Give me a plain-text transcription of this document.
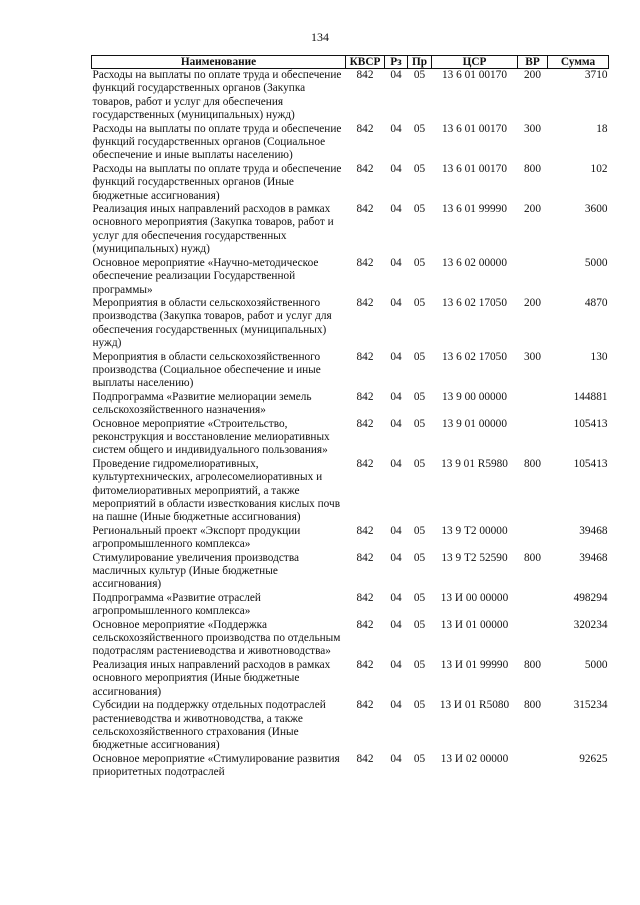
134
Наименование	КВСР	Рз	Пр	ЦСР	ВР	Сумма
Расходы на выплаты по оплате труда и обеспечение функций государственных органов (Закупка товаров, работ и услуг для обеспечения государственных (муниципальных) нужд)	842	04	05	13 6 01 00170	200	3710
Расходы на выплаты по оплате труда и обеспечение функций государственных органов (Социальное обеспечение и иные выплаты населению)	842	04	05	13 6 01 00170	300	18
Расходы на выплаты по оплате труда и обеспечение функций государственных органов (Иные бюджетные ассигнования)	842	04	05	13 6 01 00170	800	102
Реализация иных направлений расходов в рамках основного мероприятия (Закупка товаров, работ и услуг для обеспечения государственных (муниципальных) нужд)	842	04	05	13 6 01 99990	200	3600
Основное мероприятие «Научно-методическое обеспечение реализации Государственной программы»	842	04	05	13 6 02 00000		5000
Мероприятия в области сельскохозяйственного производства (Закупка товаров, работ и услуг для обеспечения государственных (муниципальных) нужд)	842	04	05	13 6 02 17050	200	4870
Мероприятия в области сельскохозяйственного производства (Социальное обеспечение и иные выплаты населению)	842	04	05	13 6 02 17050	300	130
Подпрограмма «Развитие мелиорации земель сельскохозяйственного назначения»	842	04	05	13 9 00 00000		144881
Основное мероприятие «Строительство, реконструкция и восстановление мелиоративных систем общего и индивидуального пользования»	842	04	05	13 9 01 00000		105413
Проведение гидромелиоративных, культуртехнических, агролесомелиоративных и фитомелиоративных мероприятий, а также мероприятий в области известкования кислых почв на пашне (Иные бюджетные ассигнования)	842	04	05	13 9 01 R5980	800	105413
Региональный проект «Экспорт продукции агропромышленного комплекса»	842	04	05	13 9 Т2 00000		39468
Стимулирование увеличения производства масличных культур (Иные бюджетные ассигнования)	842	04	05	13 9 Т2 52590	800	39468
Подпрограмма «Развитие отраслей агропромышленного комплекса»	842	04	05	13 И 00 00000		498294
Основное мероприятие «Поддержка сельскохозяйственного производства по отдельным подотраслям растениеводства и животноводства»	842	04	05	13 И 01 00000		320234
Реализация иных направлений расходов в рамках основного мероприятия (Иные бюджетные ассигнования)	842	04	05	13 И 01 99990	800	5000
Субсидии на поддержку отдельных подотраслей растениеводства и животноводства, а также сельскохозяйственного страхования (Иные бюджетные ассигнования)	842	04	05	13 И 01 R5080	800	315234
Основное мероприятие «Стимулирование развития приоритетных подотраслей	842	04	05	13 И 02 00000		92625
